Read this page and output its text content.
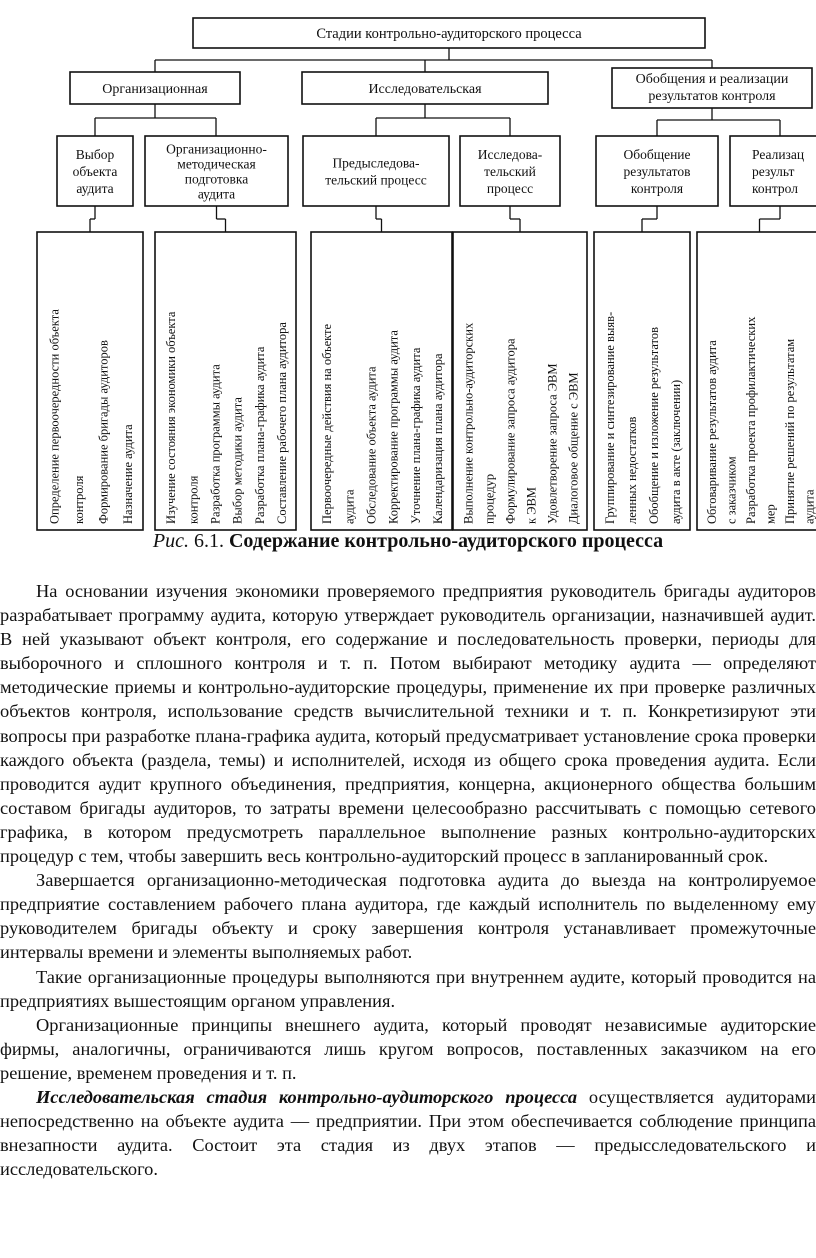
Стадии контрольно-аудиторского процесса
Организационная	Исследовательская
Обобщения и реализации
результатов контроля
Выбор
объекта
аудита
Организационно-
методическая
подготовка
аудита
Предыследова-
тельский процесс
Исследова-
тельский
процесс
Обобщение
результатов
контроля
Реализац
результ
контрол
Определение первоочередности объекта контроля Формирование бригады аудиторов Назначение аудита Изучение состояния экономики объекта контроля Разработка программы аудита Выбор методики аудита Разработка плана-графика аудита Составление рабочего плана аудитора Первоочередные действия на объекте аудита Обследование объекта аудита Корректирование программы аудита Уточнение плана-графика аудита Календаризация плана аудитора Выполнение контрольно-аудиторских процедур Формулирование запроса аудитора к ЭВМ Удовлетворение запроса ЭВМ Диалоговое общение с ЭВМ Группирование и синтезирование выяв- ленных недостатков Обобщение и изложение результатов аудита в акте (заключении) Обговаривание результатов аудита с заказчиком Разработка проекта профилактических мер Принятие решений по результатам аудита
Рис. 6.1. Содержание контрольно-аудиторского процесса

На основании изучения экономики проверяемого предприятия руководитель бригады аудиторов разрабатывает программу аудита, которую утверждает руководитель организации, назначившей аудит. В ней указывают объект контроля, его содержание и последовательность проверки, периоды для выборочного и сплошного контроля и т. п. Потом выбирают методику аудита — определяют методические приемы и контрольно-аудиторские процедуры, применение их при проверке различных объектов контроля, использование средств вычислительной техники и т. п. Конкретизируют эти вопросы при разработке плана-графика аудита, который предусматривает установление срока проверки каждого объекта (раздела, темы) и исполнителей, исходя из общего срока проведения аудита. Если проводится аудит крупного объединения, предприятия, концерна, акционерного общества большим составом бригады аудиторов, то затраты времени целесообразно рассчитывать с помощью сетевого графика, в котором предусмотреть параллельное выполнение разных контрольно-аудиторских процедур с тем, чтобы завершить весь контрольно-аудиторский процесс в запланированный срок.

Завершается организационно-методическая подготовка аудита до выезда на контролируемое предприятие составлением рабочего плана аудитора, где каждый исполнитель по выделенному ему руководителем бригады объекту и сроку завершения контроля устанавливает промежуточные интервалы времени и элементы выполняемых работ.

Такие организационные процедуры выполняются при внутреннем аудите, который проводится на предприятиях вышестоящим органом управления.

Организационные принципы внешнего аудита, который проводят независимые аудиторские фирмы, аналогичны, ограничиваются лишь кругом вопросов, поставленных заказчиком на его решение, временем проведения и т. п.

Исследовательская стадия контрольно-аудиторского процесса осуществляется аудиторами непосредственно на объекте аудита — предприятии. При этом обеспечивается соблюдение принципа внезапности аудита. Состоит эта стадия из двух этапов — предысследовательского и исследовательского.
